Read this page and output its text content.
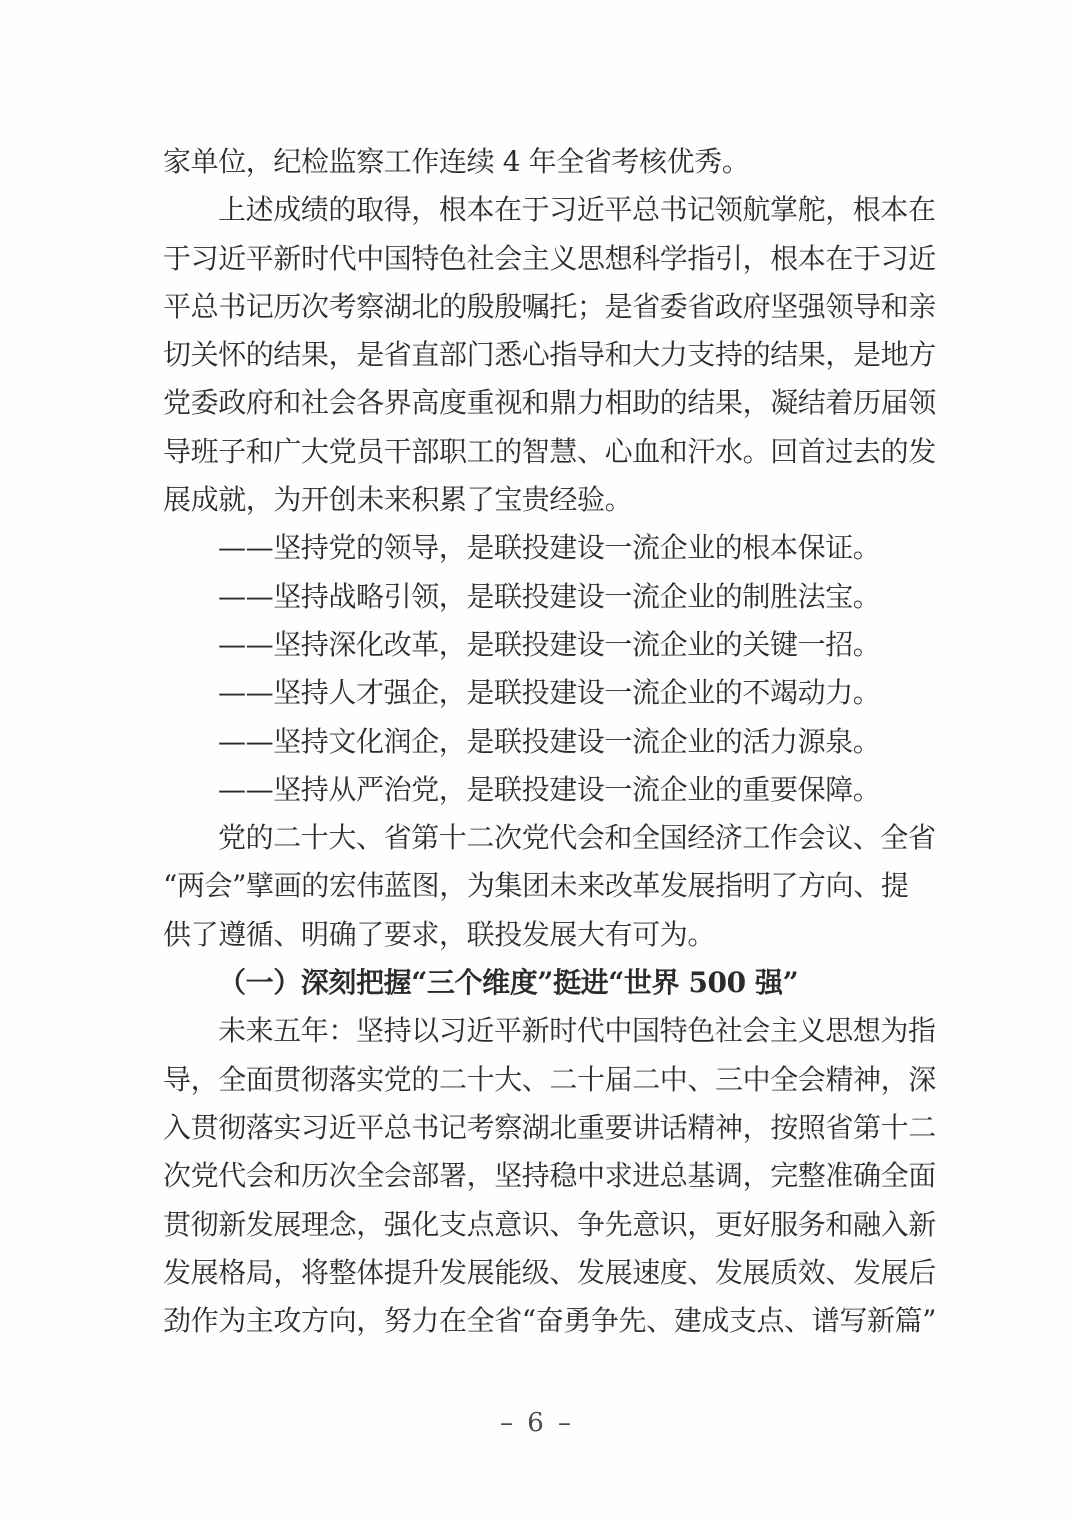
家单位，纪检监察工作连续 4 年全省考核优秀。
上述成绩的取得，根本在于习近平总书记领航掌舵，根本在
于习近平新时代中国特色社会主义思想科学指引，根本在于习近
平总书记历次考察湖北的殷殷嘱托；是省委省政府坚强领导和亲
切关怀的结果，是省直部门悉心指导和大力支持的结果，是地方
党委政府和社会各界高度重视和鼎力相助的结果，凝结着历届领
导班子和广大党员干部职工的智慧、心血和汗水。回首过去的发
展成就，为开创未来积累了宝贵经验。
——坚持党的领导，是联投建设一流企业的根本保证。
——坚持战略引领，是联投建设一流企业的制胜法宝。
——坚持深化改革，是联投建设一流企业的关键一招。
——坚持人才强企，是联投建设一流企业的不竭动力。
——坚持文化润企，是联投建设一流企业的活力源泉。
——坚持从严治党，是联投建设一流企业的重要保障。
党的二十大、省第十二次党代会和全国经济工作会议、全省
“两会”擘画的宏伟蓝图，为集团未来改革发展指明了方向、提
供了遵循、明确了要求，联投发展大有可为。
（一）深刻把握“三个维度”挺进“世界 500 强”
未来五年：坚持以习近平新时代中国特色社会主义思想为指
导，全面贯彻落实党的二十大、二十届二中、三中全会精神，深
入贯彻落实习近平总书记考察湖北重要讲话精神，按照省第十二
次党代会和历次全会部署，坚持稳中求进总基调，完整准确全面
贯彻新发展理念，强化支点意识、争先意识，更好服务和融入新
发展格局，将整体提升发展能级、发展速度、发展质效、发展后
劲作为主攻方向，努力在全省“奋勇争先、建成支点、谱写新篇”
– 6 –
